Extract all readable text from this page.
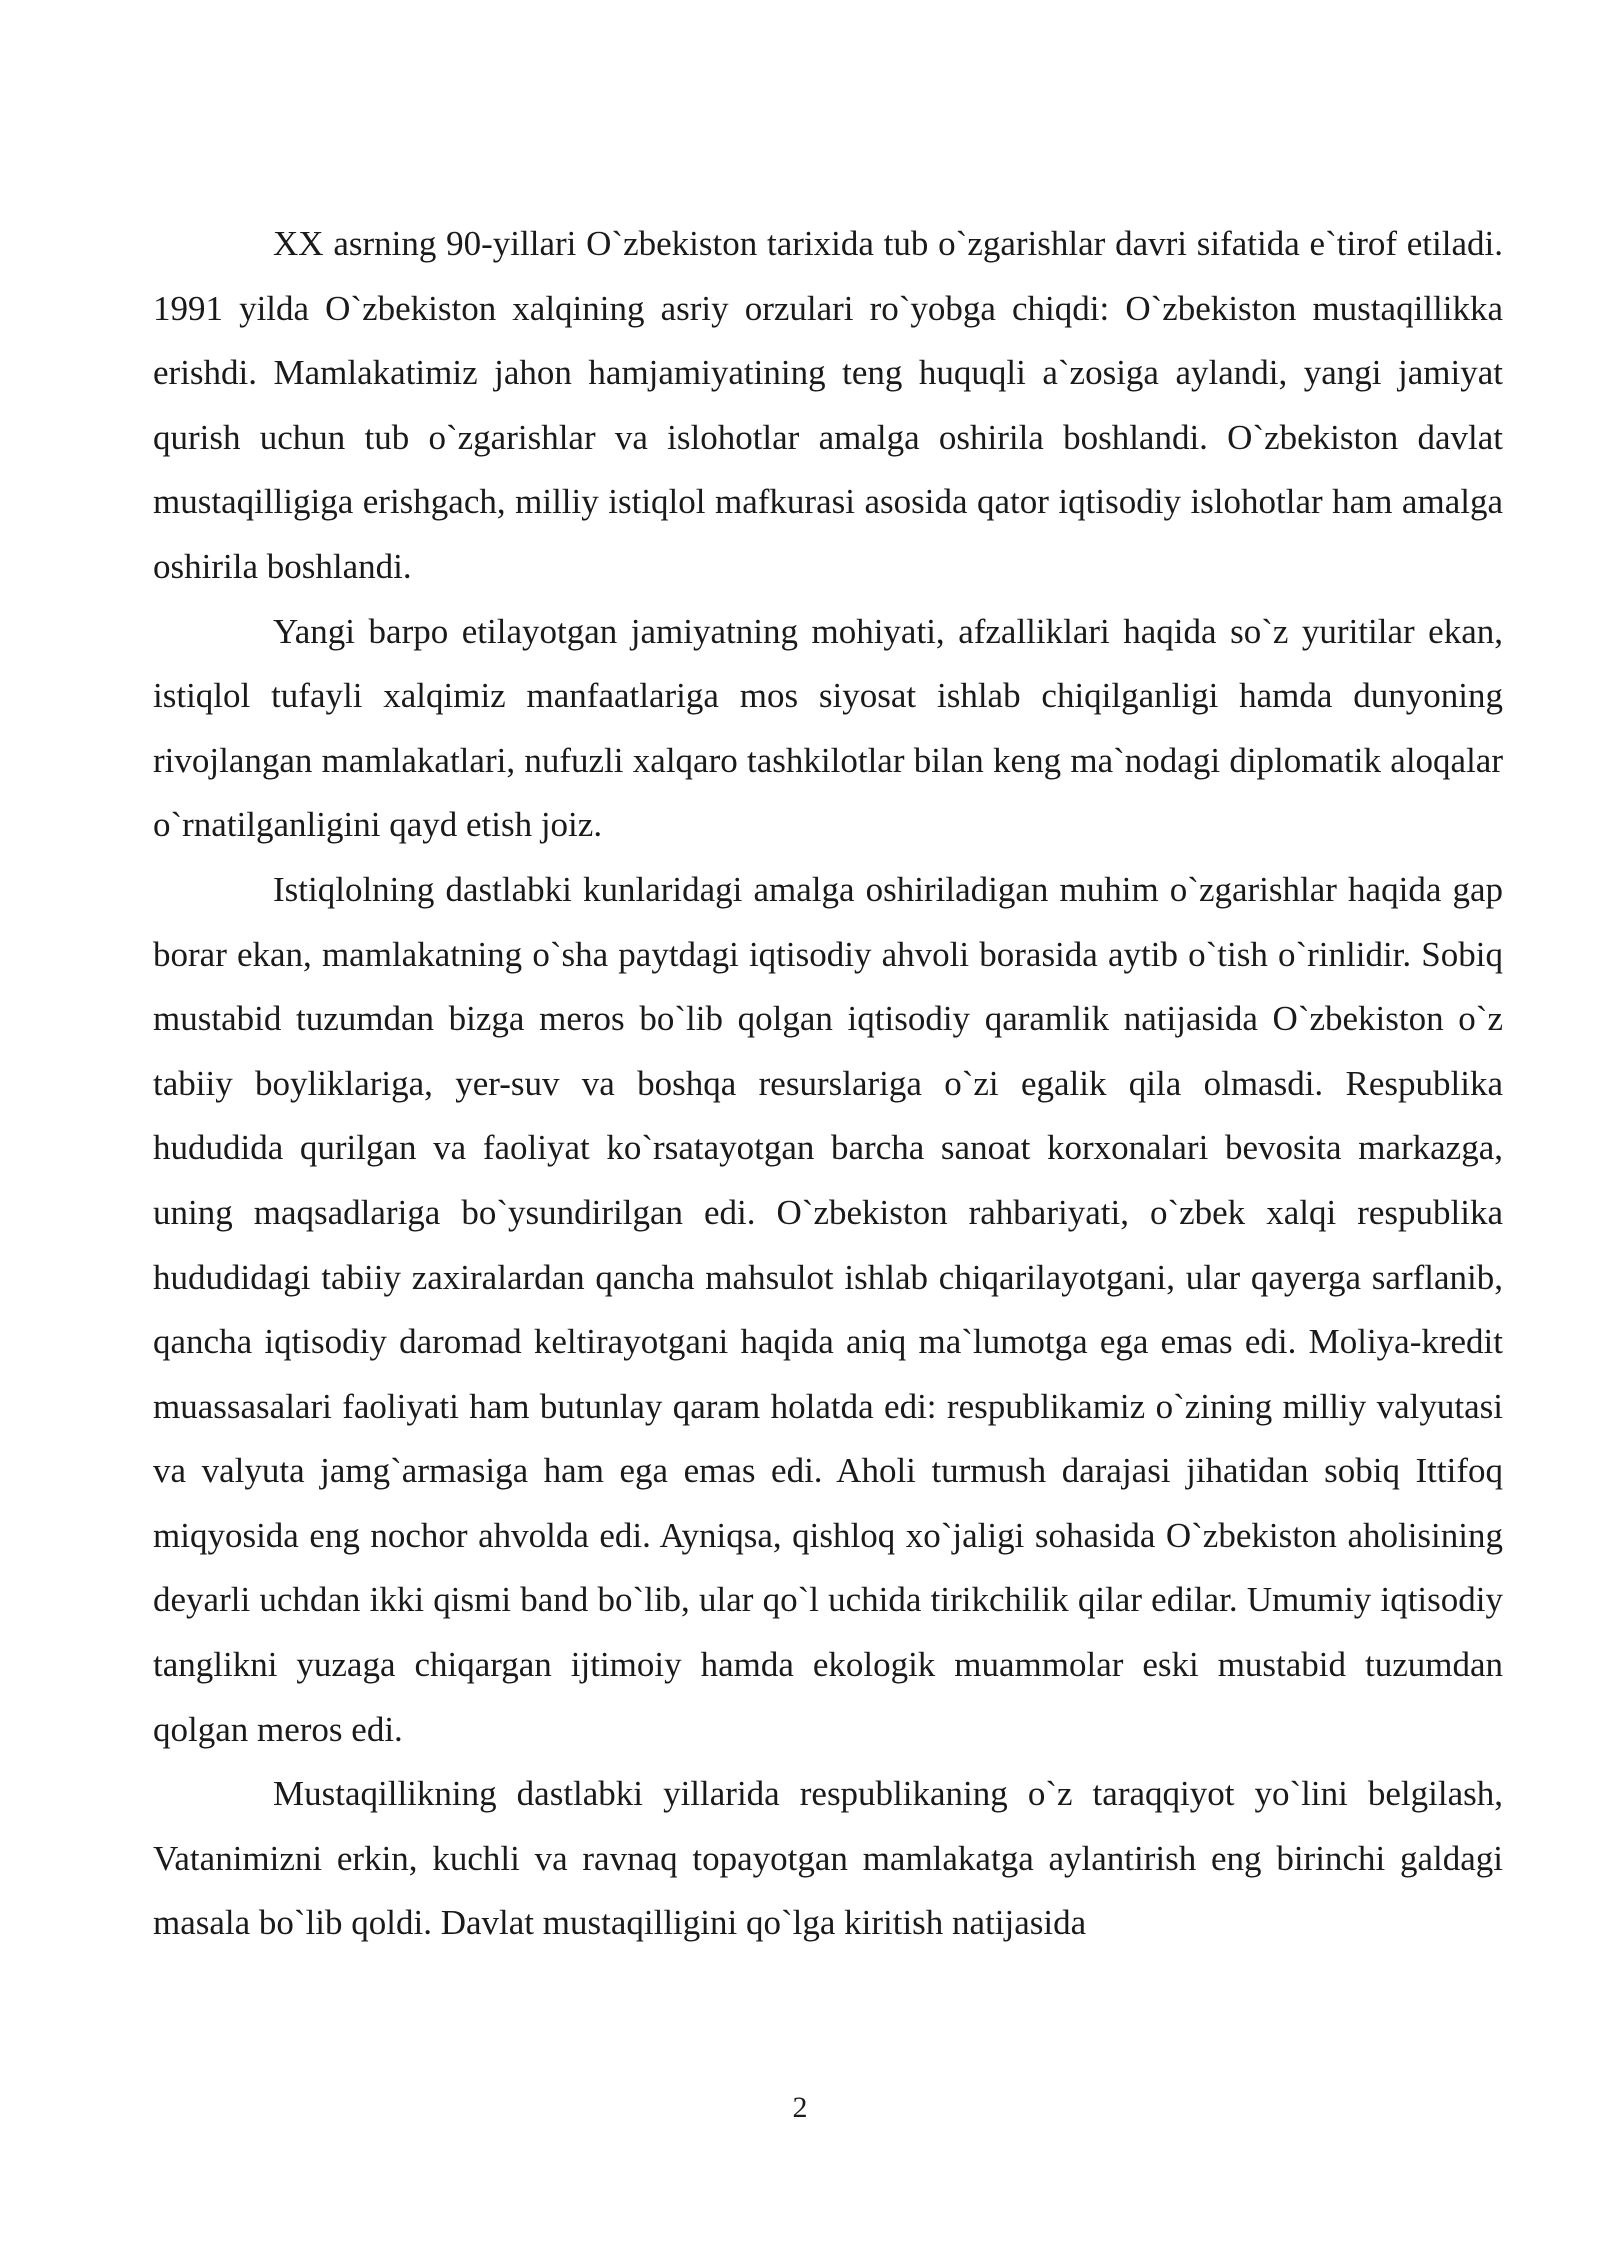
XX asrning 90-yillari O`zbekiston tarixida tub o`zgarishlar davri sifatida e`tirof etiladi. 1991 yilda O`zbekiston xalqining asriy orzulari ro`yobga chiqdi: O`zbekiston mustaqillikka erishdi. Mamlakatimiz jahon hamjamiyatining teng huquqli a`zosiga aylandi, yangi jamiyat qurish uchun tub o`zgarishlar va islohotlar amalga oshirila boshlandi. O`zbekiston davlat mustaqilligiga erishgach, milliy istiqlol mafkurasi asosida qator iqtisodiy islohotlar ham amalga oshirila boshlandi.

Yangi barpo etilayotgan jamiyatning mohiyati, afzalliklari haqida so`z yuritilar ekan, istiqlol tufayli xalqimiz manfaatlariga mos siyosat ishlab chiqilganligi hamda dunyoning rivojlangan mamlakatlari, nufuzli xalqaro tashkilotlar bilan keng ma`nodagi diplomatik aloqalar o`rnatilganligini qayd etish joiz.

Istiqlolning dastlabki kunlaridagi amalga oshiriladigan muhim o`zgarishlar haqida gap borar ekan, mamlakatning o`sha paytdagi iqtisodiy ahvoli borasida aytib o`tish o`rinlidir. Sobiq mustabid tuzumdan bizga meros bo`lib qolgan iqtisodiy qaramlik natijasida O`zbekiston o`z tabiiy boyliklariga, yer-suv va boshqa resurslariga o`zi egalik qila olmasdi. Respublika hududida qurilgan va faoliyat ko`rsatayotgan barcha sanoat korxonalari bevosita markazga, uning maqsadlariga bo`ysundirilgan edi. O`zbekiston rahbariyati, o`zbek xalqi respublika hududidagi tabiiy zaxiralardan qancha mahsulot ishlab chiqarilayotgani, ular qayerga sarflanib, qancha iqtisodiy daromad keltirayotgani haqida aniq ma`lumotga ega emas edi. Moliya-kredit muassasalari faoliyati ham butunlay qaram holatda edi: respublikamiz o`zining milliy valyutasi va valyuta jamg`armasiga ham ega emas edi. Aholi turmush darajasi jihatidan sobiq Ittifoq miqyosida eng nochor ahvolda edi. Ayniqsa, qishloq xo`jaligi sohasida O`zbekiston aholisining deyarli uchdan ikki qismi band bo`lib, ular qo`l uchida tirikchilik qilar edilar. Umumiy iqtisodiy tanglikni yuzaga chiqargan ijtimoiy hamda ekologik muammolar eski mustabid tuzumdan qolgan meros edi.

Mustaqillikning dastlabki yillarida respublikaning o`z taraqqiyot yo`lini belgilash, Vatanimizni erkin, kuchli va ravnaq topayotgan mamlakatga aylantirish eng birinchi galdagi masala bo`lib qoldi. Davlat mustaqilligini qo`lga kiritish natijasida

2
